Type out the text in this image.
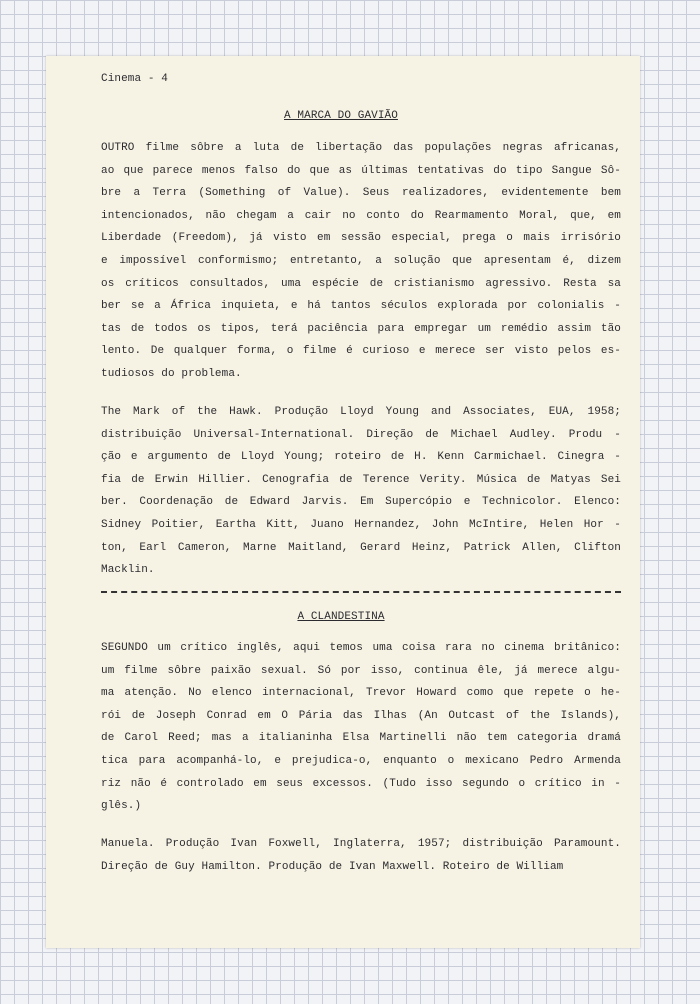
Cinema - 4
A MARCA DO GAVIÃO
OUTRO filme sôbre a luta de libertação das populações negras africanas,
ao que parece menos falso do que as últimas tentativas do tipo Sangue Sô-
bre a Terra (Something of Value). Seus realizadores, evidentemente bem
intencionados, não chegam a cair no conto do Rearmamento Moral, que, em
Liberdade (Freedom), já visto em sessão especial, prega o mais irrisório
e impossível conformismo; entretanto, a solução que apresentam é, dizem
os críticos consultados, uma espécie de cristianismo agressivo. Resta sa
ber se a África inquieta, e há tantos séculos explorada por colonialis -
tas de todos os tipos, terá paciência para empregar um remédio assim tão
lento. De qualquer forma, o filme é curioso e merece ser visto pelos es-
tudiosos do problema.
The Mark of the Hawk. Produção Lloyd Young and Associates, EUA, 1958;
distribuição Universal-International. Direção de Michael Audley. Produ -
ção e argumento de Lloyd Young; roteiro de H. Kenn Carmichael. Cinegra -
fia de Erwin Hillier. Cenografia de Terence Verity. Música de Matyas Sei
ber. Coordenação de Edward Jarvis. Em Supercópio e Technicolor. Elenco:
Sidney Poitier, Eartha Kitt, Juano Hernandez, John McIntire, Helen Hor -
ton, Earl Cameron, Marne Maitland, Gerard Heinz, Patrick Allen, Clifton
Macklin.
A CLANDESTINA
SEGUNDO um crítico inglês, aqui temos uma coisa rara no cinema britânico:
um filme sôbre paixão sexual. Só por isso, continua êle, já merece algu-
ma atenção. No elenco internacional, Trevor Howard como que repete o he-
rói de Joseph Conrad em O Pária das Ilhas (An Outcast of the Islands),
de Carol Reed; mas a italianinha Elsa Martinelli não tem categoria dramá
tica para acompanhá-lo, e prejudica-o, enquanto o mexicano Pedro Armenda
riz não é controlado em seus excessos. (Tudo isso segundo o crítico in -
glês.)
Manuela. Produção Ivan Foxwell, Inglaterra, 1957; distribuição Paramount.
Direção de Guy Hamilton. Produção de Ivan Maxwell. Roteiro de William
